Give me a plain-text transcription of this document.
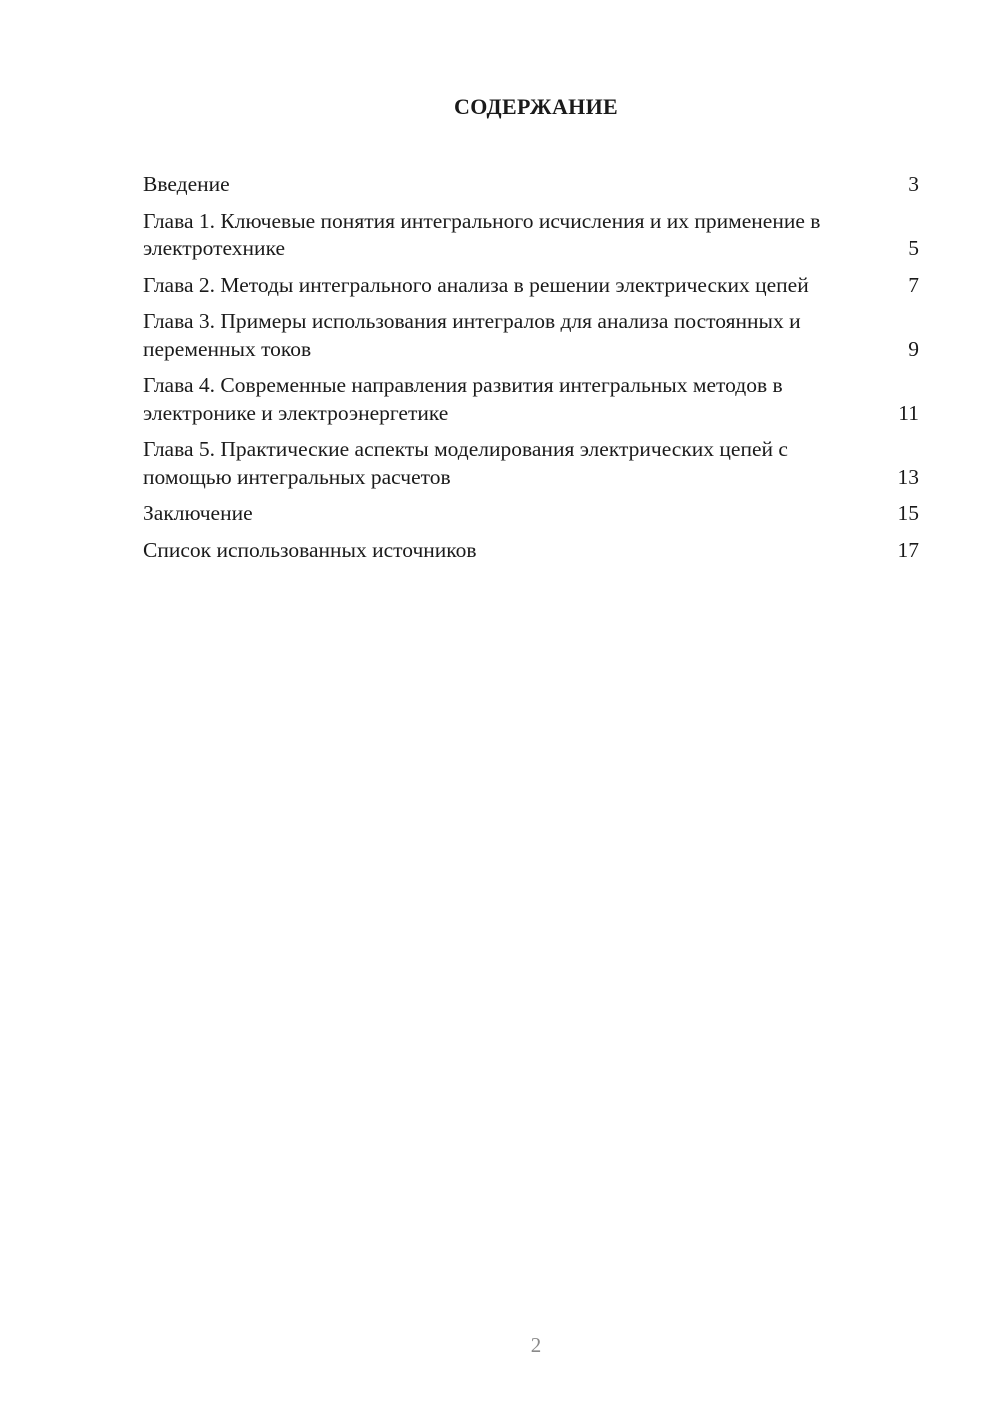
СОДЕРЖАНИЕ
Введение	3
Глава 1. Ключевые понятия интегрального исчисления и их применение в электротехнике	5
Глава 2. Методы интегрального анализа в решении электрических цепей	7
Глава 3. Примеры использования интегралов для анализа постоянных и переменных токов	9
Глава 4. Современные направления развития интегральных методов в электронике и электроэнергетике	11
Глава 5. Практические аспекты моделирования электрических цепей с помощью интегральных расчетов	13
Заключение	15
Список использованных источников	17
2
